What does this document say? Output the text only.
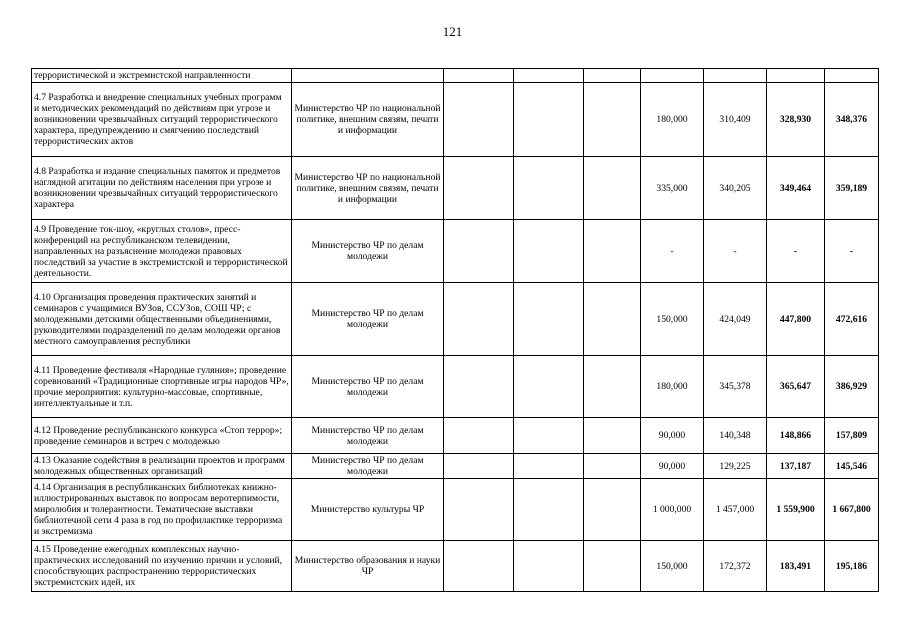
121
террористической и экстремистской направленности								
4.7 Разработка и внедрение специальных учебных программ и методических рекомендаций по действиям при угрозе и возникновении чрезвычайных ситуаций террористического характера, предупреждению и смягчению последствий террористических актов	Министерство ЧР по национальной политике, внешним связям, печати и информации				180,000	310,409	328,930	348,376
4.8 Разработка и издание специальных памяток и предметов наглядной агитации по действиям населения при угрозе и возникновении чрезвычайных ситуаций террористического характера	Министерство ЧР по национальной политике, внешним связям, печати и информации				335,000	340,205	349,464	359,189
4.9 Проведение ток-шоу, «круглых столов», пресс-конференций на республиканском телевидении, направленных на разъяснение молодежи правовых последствий за участие в экстремистской и террористической деятельности.	Министерство ЧР по делам молодежи				-	-	-	-
4.10 Организация проведения практических занятий и семинаров с учащимися ВУЗов, ССУЗов, СОШ ЧР; с молодежными детскими общественными объединениями, руководителями подразделений по делам молодежи органов местного самоуправления республики	Министерство ЧР по делам молодежи				150,000	424,049	447,800	472,616
4.11 Проведение фестиваля «Народные гуляния»; проведение соревнований «Традиционные спортивные игры народов ЧР», прочие мероприятия: культурно-массовые, спортивные, интеллектуальные и т.п.	Министерство ЧР по делам молодежи				180,000	345,378	365,647	386,929
4.12 Проведение республиканского конкурса «Стоп террор»; проведение семинаров и встреч с молодежью	Министерство ЧР по делам молодежи				90,000	140,348	148,866	157,809
4.13 Оказание содействия в реализации проектов и программ молодежных общественных организаций	Министерство ЧР по делам молодежи				90,000	129,225	137,187	145,546
4.14 Организация в республиканских библиотеках книжно-иллюстрированных выставок по вопросам веротерпимости, миролюбия и толерантности. Тематические выставки библиотечной сети 4 раза в год по профилактике терроризма и экстремизма	Министерство культуры ЧР				1 000,000	1 457,000	1 559,900	1 667,800
4.15 Проведение ежегодных комплексных научно-практических исследований по изучению причин и условий, способствующих распространению террористических экстремистских идей, их	Министерство образования и науки ЧР				150,000	172,372	183,491	195,186
